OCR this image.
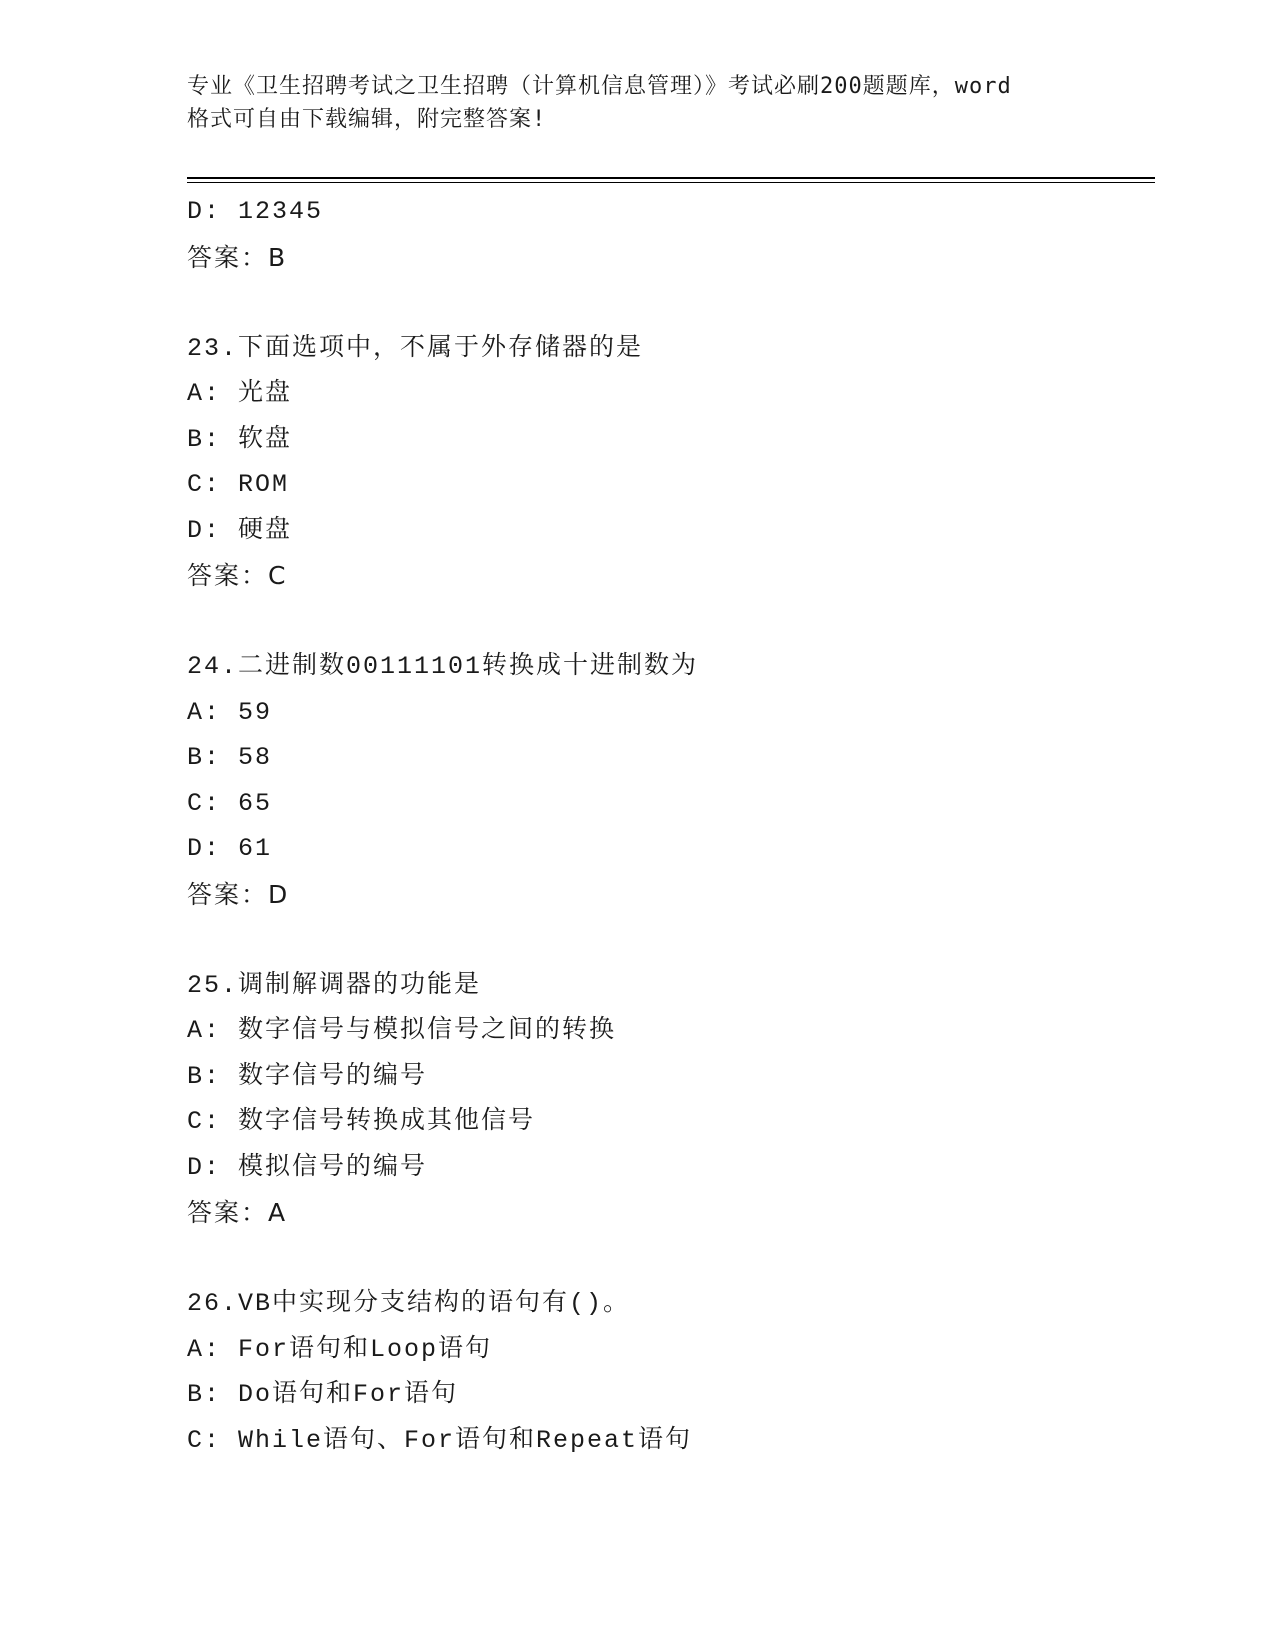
专业《卫生招聘考试之卫生招聘（计算机信息管理）》考试必刷200题题库，word
格式可自由下载编辑，附完整答案!
D: 12345
答案：B
23.下面选项中，不属于外存储器的是
A: 光盘
B: 软盘
C: ROM
D: 硬盘
答案：C
24.二进制数00111101转换成十进制数为
A: 59
B: 58
C: 65
D: 61
答案：D
25.调制解调器的功能是
A: 数字信号与模拟信号之间的转换
B: 数字信号的编号
C: 数字信号转换成其他信号
D: 模拟信号的编号
答案：A
26.VB中实现分支结构的语句有()。
A: For语句和Loop语句
B: Do语句和For语句
C: While语句、For语句和Repeat语句
